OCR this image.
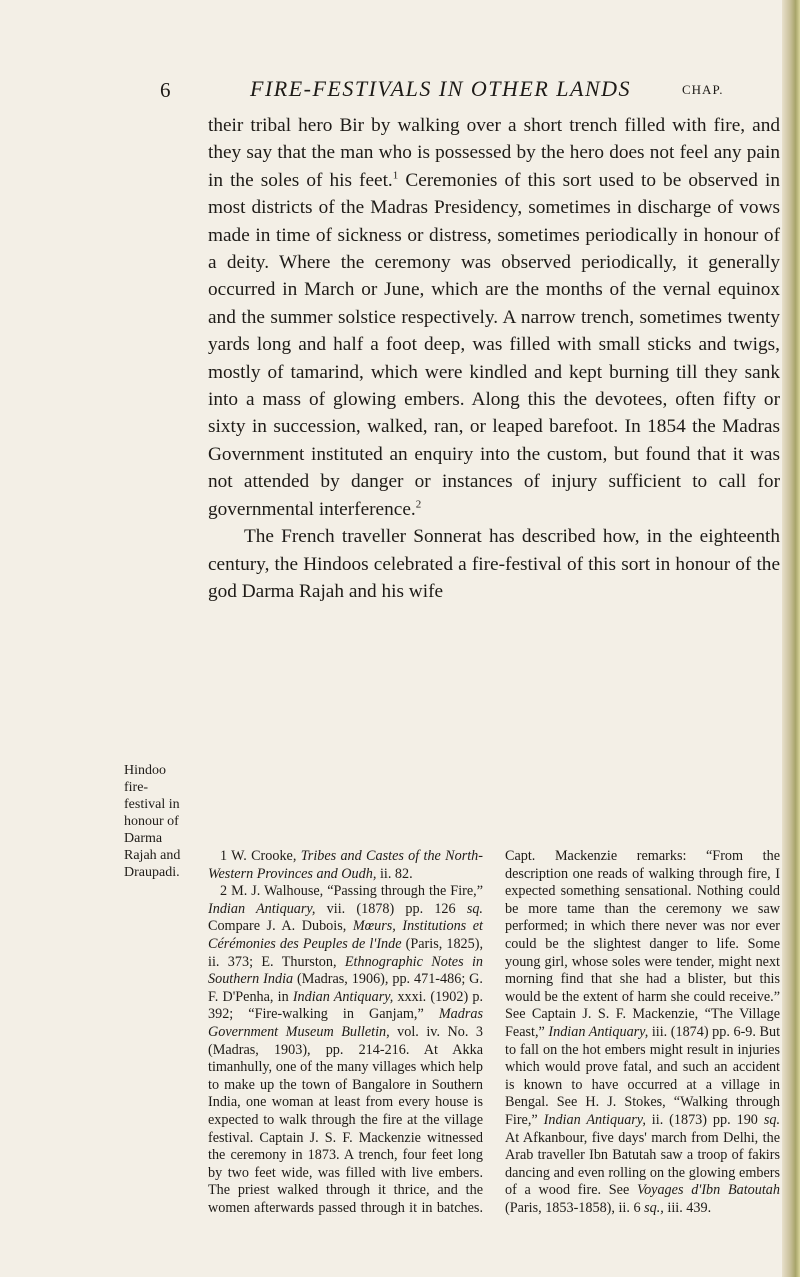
6	FIRE-FESTIVALS IN OTHER LANDS	CHAP.
Hindoo
fire-
festival in
honour of
Darma
Rajah and
Draupadi.

their tribal hero Bir by walking over a short trench filled with fire, and they say that the man who is possessed by the hero does not feel any pain in the soles of his feet.$^1$ Ceremonies of this sort used to be observed in most districts of the Madras Presidency, sometimes in discharge of vows made in time of sickness or distress, sometimes periodically in honour of a deity. Where the ceremony was observed periodically, it generally occurred in March or June, which are the months of the vernal equinox and the summer solstice respectively. A narrow trench, sometimes twenty yards long and half a foot deep, was filled with small sticks and twigs, mostly of tamarind, which were kindled and kept burning till they sank into a mass of glowing embers. Along this the devotees, often fifty or sixty in succession, walked, ran, or leaped barefoot. In 1854 the Madras Government instituted an enquiry into the custom, but found that it was not attended by danger or instances of injury sufficient to call for governmental interference.$^2$

The French traveller Sonnerat has described how, in the eighteenth century, the Hindoos celebrated a fire-festival of this sort in honour of the god Darma Rajah and his wife

1 W. Crooke, Tribes and Castes of the North-Western Provinces and Oudh, ii. 82.

2 M. J. Walhouse, “Passing through the Fire,” Indian Antiquary, vii. (1878) pp. 126 sq. Compare J. A. Dubois, Mœurs, Institutions et Cérémonies des Peuples de l'Inde (Paris, 1825), ii. 373; E. Thurston, Ethnographic Notes in Southern India (Madras, 1906), pp. 471-486; G. F. D'Penha, in Indian Antiquary, xxxi. (1902) p. 392; “Fire-walking in Ganjam,” Madras Government Museum Bulletin, vol. iv. No. 3 (Madras, 1903), pp. 214-216. At Akka timanhully, one of the many villages which help to make up the town of Bangalore in Southern India, one woman at least from every house is expected to walk through the fire at the village festival. Captain J. S. F. Mackenzie witnessed the ceremony in 1873. A trench, four feet long by two feet wide, was filled with live embers. The priest walked through it thrice, and the women afterwards passed through it in batches. Capt. Mackenzie remarks: “From the description one reads of walking through fire, I expected something sensational. Nothing could be more tame than the ceremony we saw performed; in which there never was nor ever could be the slightest danger to life. Some young girl, whose soles were tender, might next morning find that she had a blister, but this would be the extent of harm she could receive.” See Captain J. S. F. Mackenzie, “The Village Feast,” Indian Antiquary, iii. (1874) pp. 6-9. But to fall on the hot embers might result in injuries which would prove fatal, and such an accident is known to have occurred at a village in Bengal. See H. J. Stokes, “Walking through Fire,” Indian Antiquary, ii. (1873) pp. 190 sq. At Afkanbour, five days' march from Delhi, the Arab traveller Ibn Batutah saw a troop of fakirs dancing and even rolling on the glowing embers of a wood fire. See Voyages d'Ibn Batoutah (Paris, 1853-1858), ii. 6 sq., iii. 439.
